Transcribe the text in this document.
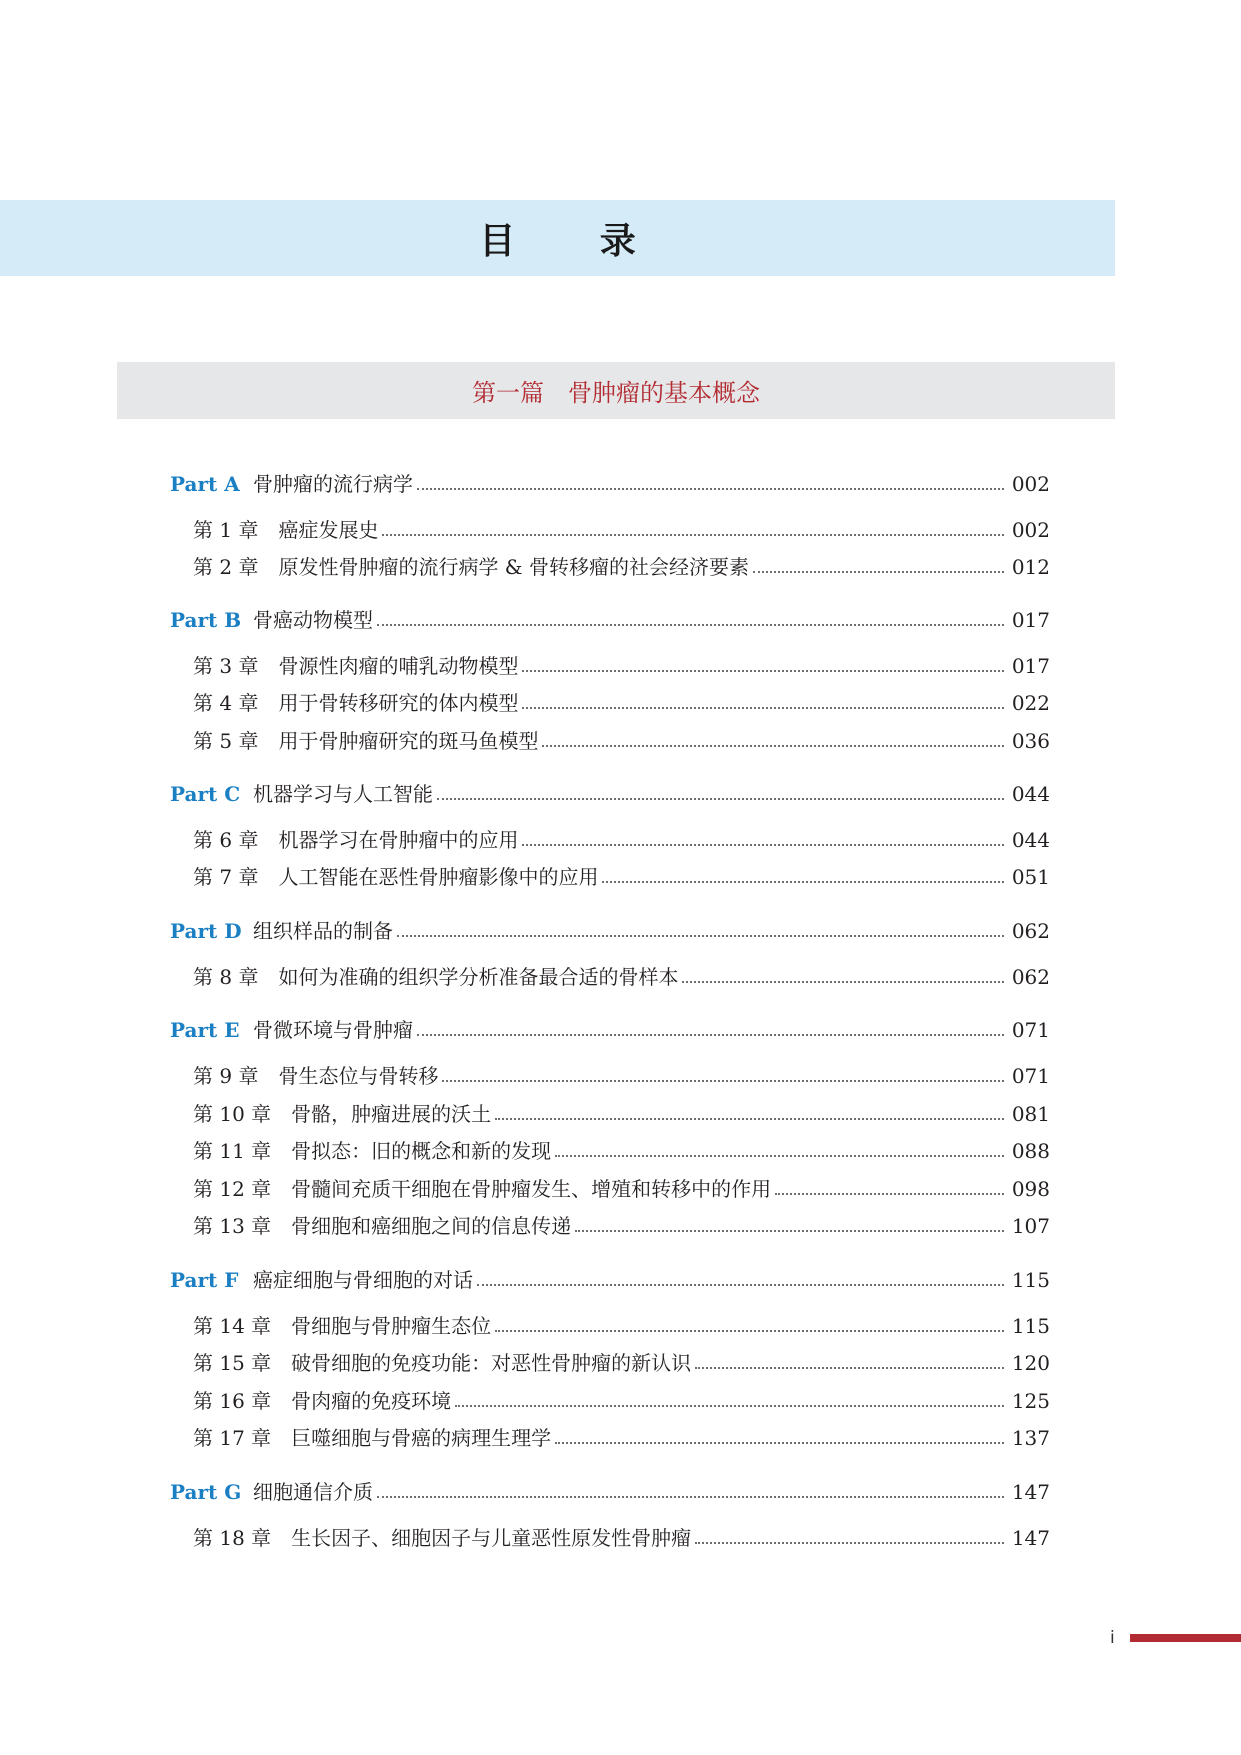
目 录
第一篇　骨肿瘤的基本概念
Part A 骨肿瘤的流行病学	002
第 1 章 癌症发展史	002
第 2 章 原发性骨肿瘤的流行病学 & 骨转移瘤的社会经济要素	012
Part B 骨癌动物模型	017
第 3 章 骨源性肉瘤的哺乳动物模型	017
第 4 章 用于骨转移研究的体内模型	022
第 5 章 用于骨肿瘤研究的斑马鱼模型	036
Part C 机器学习与人工智能	044
第 6 章 机器学习在骨肿瘤中的应用	044
第 7 章 人工智能在恶性骨肿瘤影像中的应用	051
Part D 组织样品的制备	062
第 8 章 如何为准确的组织学分析准备最合适的骨样本	062
Part E 骨微环境与骨肿瘤	071
第 9 章 骨生态位与骨转移	071
第 10 章 骨骼，肿瘤进展的沃土	081
第 11 章 骨拟态：旧的概念和新的发现	088
第 12 章 骨髓间充质干细胞在骨肿瘤发生、增殖和转移中的作用	098
第 13 章 骨细胞和癌细胞之间的信息传递	107
Part F 癌症细胞与骨细胞的对话	115
第 14 章 骨细胞与骨肿瘤生态位	115
第 15 章 破骨细胞的免疫功能：对恶性骨肿瘤的新认识	120
第 16 章 骨肉瘤的免疫环境	125
第 17 章 巨噬细胞与骨癌的病理生理学	137
Part G 细胞通信介质	147
第 18 章 生长因子、细胞因子与儿童恶性原发性骨肿瘤	147
i
